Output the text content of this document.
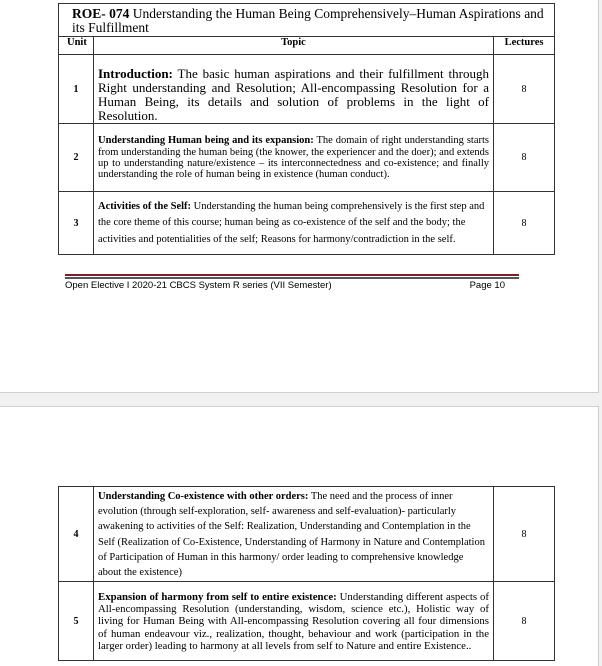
ROE- 074 Understanding the Human Being Comprehensively–Human Aspirations and its Fulfillment		
Unit	Topic	Lectures
1	Introduction: The basic human aspirations and their fulfillment through Right understanding and Resolution; All-encompassing Resolution for a Human Being, its details and solution of problems in the light of Resolution.	8
2	Understanding Human being and its expansion: The domain of right understanding starts from understanding the human being (the knower, the experiencer and the doer); and extends up to understanding nature/existence – its interconnectedness and co-existence; and finally understanding the role of human being in existence (human conduct).	8
3	Activities of the Self: Understanding the human being comprehensively is the first step and the core theme of this course; human being as co-existence of the self and the body; the activities and potentialities of the self; Reasons for harmony/contradiction in the self.	8
Open Elective I 2020-21 CBCS System R series (VII Semester)	Page 10
4	Understanding Co-existence with other orders: The need and the process of inner evolution (through self-exploration, self- awareness and self-evaluation)- particularly awakening to activities of the Self: Realization, Understanding and Contemplation in the Self (Realization of Co-Existence, Understanding of Harmony in Nature and Contemplation of Participation of Human in this harmony/ order leading to comprehensive knowledge about the existence)	8
5	Expansion of harmony from self to entire existence: Understanding different aspects of All-encompassing Resolution (understanding, wisdom, science etc.), Holistic way of living for Human Being with All-encompassing Resolution covering all four dimensions of human endeavour viz., realization, thought, behaviour and work (participation in the larger order) leading to harmony at all levels from self to Nature and entire Existence..	8
